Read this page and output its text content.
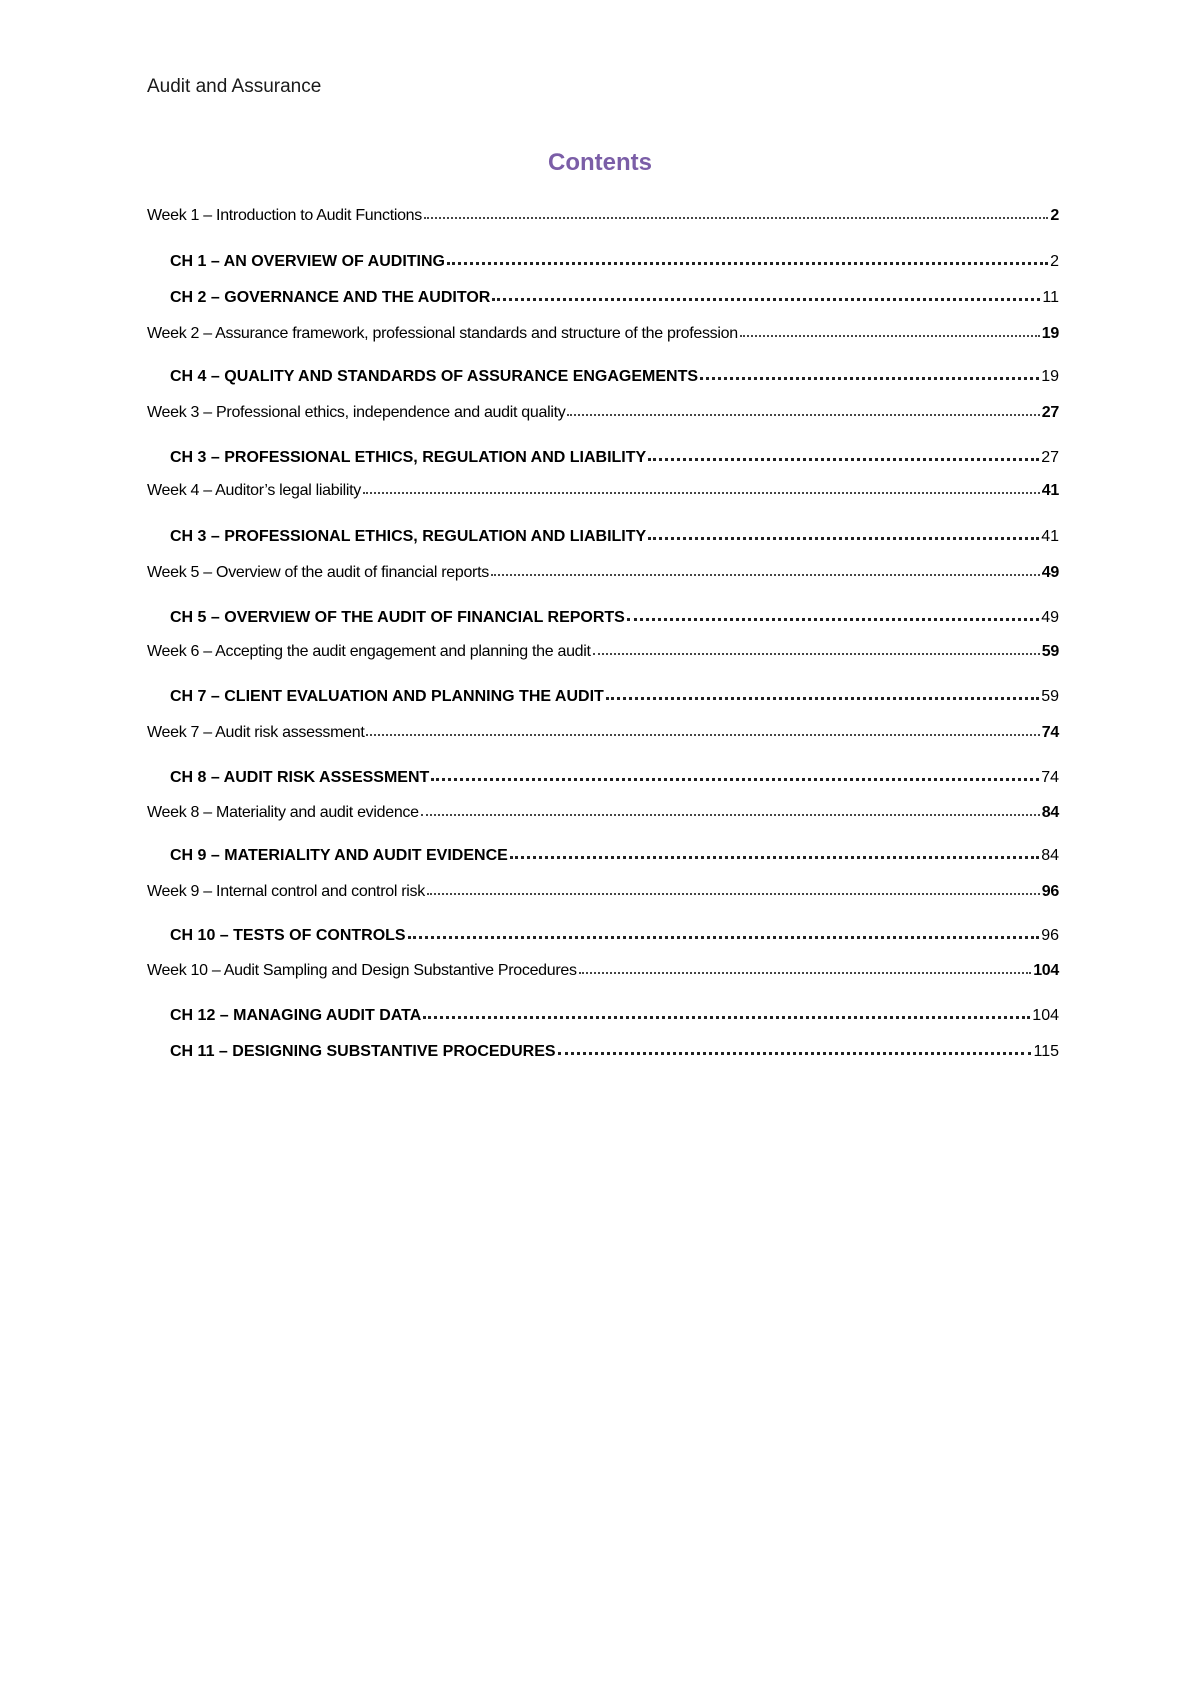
Audit and Assurance
Contents
Week 1 – Introduction to Audit Functions	2
CH 1 – AN OVERVIEW OF AUDITING	2
CH 2 – GOVERNANCE AND THE AUDITOR	11
Week 2 – Assurance framework, professional standards and structure of the profession	19
CH 4 – QUALITY AND STANDARDS OF ASSURANCE ENGAGEMENTS	19
Week 3 – Professional ethics, independence and audit quality	27
CH 3 – PROFESSIONAL ETHICS, REGULATION AND LIABILITY	27
Week 4 – Auditor’s legal liability	41
CH 3 – PROFESSIONAL ETHICS, REGULATION AND LIABILITY	41
Week 5 – Overview of the audit of financial reports	49
CH 5 – OVERVIEW OF THE AUDIT OF FINANCIAL REPORTS	49
Week 6 – Accepting the audit engagement and planning the audit	59
CH 7 – CLIENT EVALUATION AND PLANNING THE AUDIT	59
Week 7 – Audit risk assessment	74
CH 8 – AUDIT RISK ASSESSMENT	74
Week 8 – Materiality and audit evidence	84
CH 9 – MATERIALITY AND AUDIT EVIDENCE	84
Week 9 – Internal control and control risk	96
CH 10 – TESTS OF CONTROLS	96
Week 10 – Audit Sampling and Design Substantive Procedures	104
CH 12 – MANAGING AUDIT DATA	104
CH 11 – DESIGNING SUBSTANTIVE PROCEDURES	115
